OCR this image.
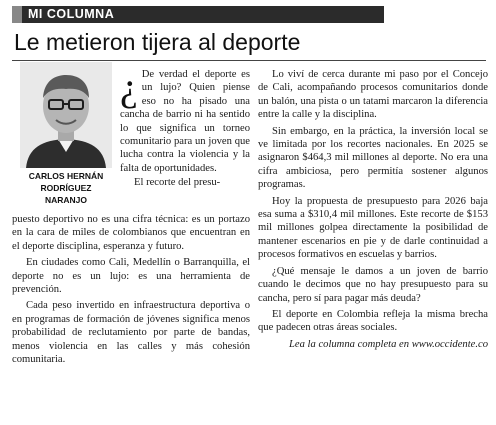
MI COLUMNA
Le metieron tijera al deporte
CARLOS HERNÁN
RODRÍGUEZ
NARANJO
¿ De verdad el deporte es un lujo? Quien piense eso no ha pisado una cancha de barrio ni ha sentido lo que significa un torneo comunitario para un joven que lucha contra la violencia y la falta de oportunidades.
El recorte del presu-

puesto deportivo no es una cifra técnica: es un portazo en la cara de miles de colombianos que encuentran en el deporte disciplina, esperanza y futuro.

En ciudades como Cali, Medellín o Barranquilla, el deporte no es un lujo: es una herramienta de prevención.

Cada peso invertido en infraestructura deportiva o en programas de formación de jóvenes significa menos probabilidad de reclutamiento por parte de bandas, menos violencia en las calles y más cohesión comunitaria.

Lo viví de cerca durante mi paso por el Concejo de Cali, acompañando procesos comunitarios donde un balón, una pista o un tatami marcaron la diferencia entre la calle y la disciplina.

Sin embargo, en la práctica, la inversión local se ve limitada por los recortes nacionales. En 2025 se asignaron $464,3 mil millones al deporte. No era una cifra ambiciosa, pero permitía sostener algunos programas.

Hoy la propuesta de presupuesto para 2026 baja esa suma a $310,4 mil millones. Este recorte de $153 mil millones golpea directamente la posibilidad de mantener escenarios en pie y de darle continuidad a procesos formativos en escuelas y barrios.

¿Qué mensaje le damos a un joven de barrio cuando le decimos que no hay presupuesto para su cancha, pero sí para pagar más deuda?

El deporte en Colombia refleja la misma brecha que padecen otras áreas sociales.

Lea la columna completa en www.occidente.co
